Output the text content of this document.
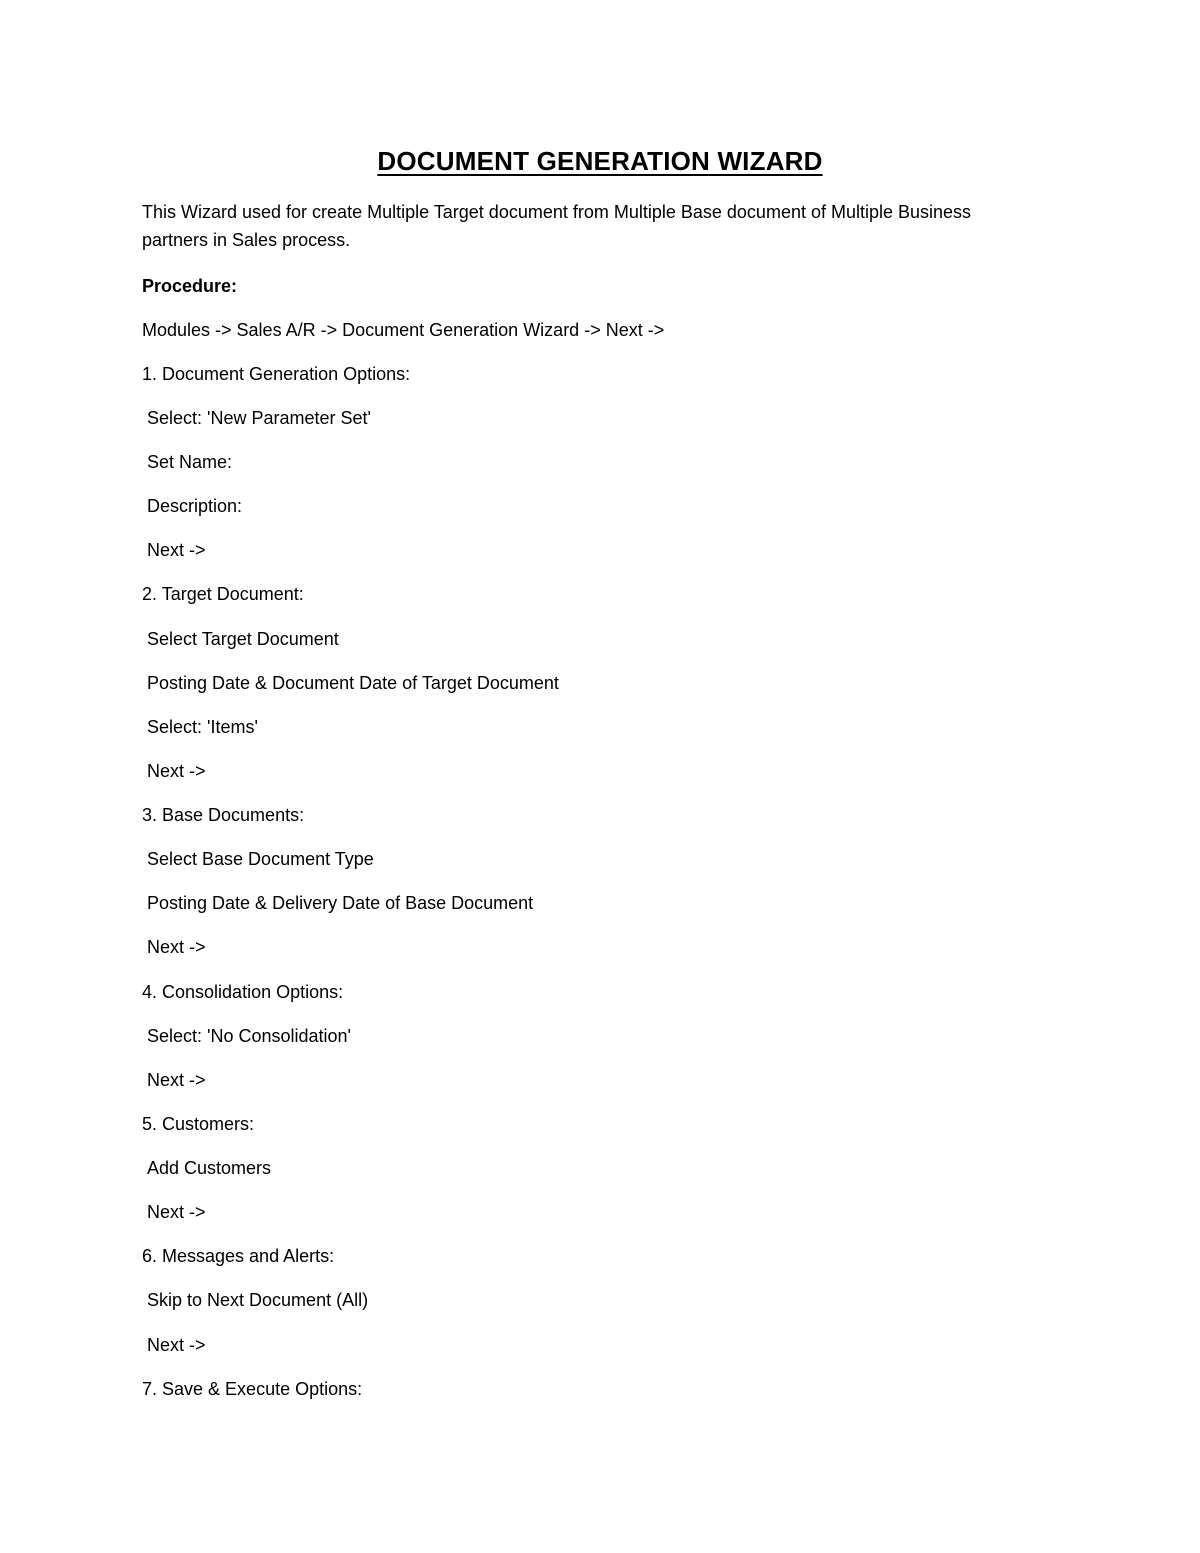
DOCUMENT GENERATION WIZARD
This Wizard used for create Multiple Target document from Multiple Base document of Multiple Business partners in Sales process.
Procedure:
Modules -> Sales A/R -> Document Generation Wizard -> Next ->
1. Document Generation Options:
Select: 'New Parameter Set'
Set Name:
Description:
Next ->
2. Target Document:
Select Target Document
Posting Date & Document Date of Target Document
Select: 'Items'
Next ->
3. Base Documents:
Select Base Document Type
Posting Date & Delivery Date of Base Document
Next ->
4. Consolidation Options:
Select: 'No Consolidation'
Next ->
5. Customers:
Add Customers
Next ->
6. Messages and Alerts:
Skip to Next Document (All)
Next ->
7. Save & Execute Options:
